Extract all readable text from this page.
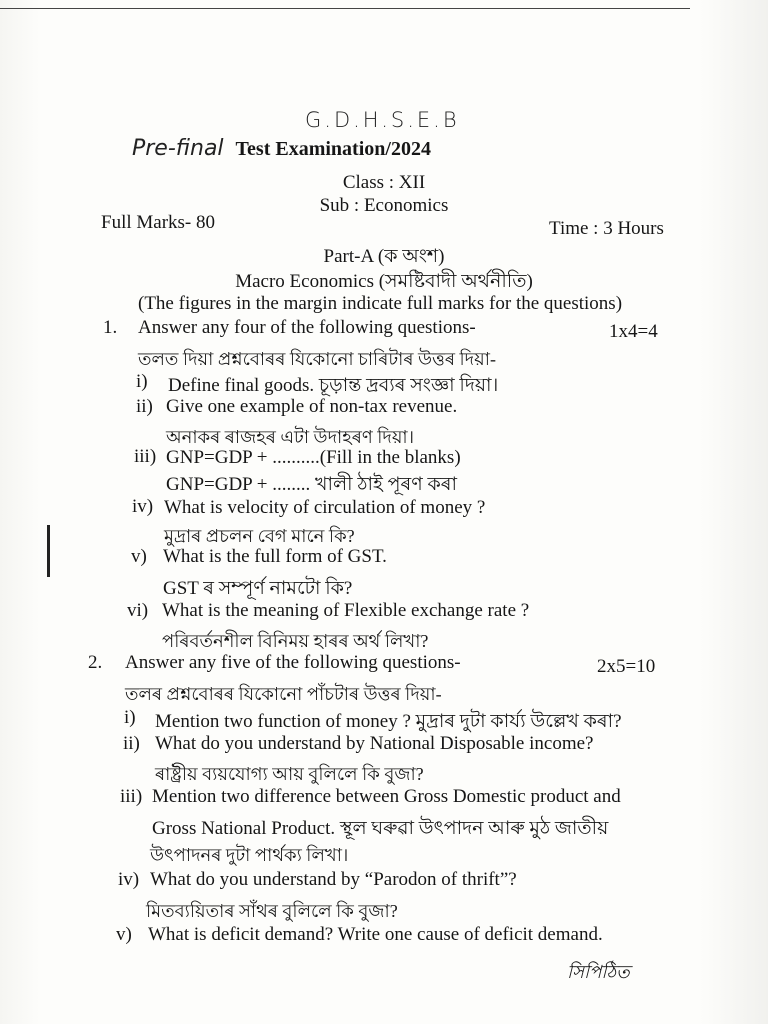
G.D.H.S.E.B
Pre-final Test Examination/2024
Class : XII
Sub : Economics
Full Marks- 80	Time : 3 Hours
Part-A (ক অংশ)
Macro Economics (সমষ্টিবাদী অৰ্থনীতি)
(The figures in the margin indicate full marks for the questions)
1. Answer any four of the following questions-	1x4=4
তলত দিয়া প্ৰশ্নবোৰৰ যিকোনো চাৰিটাৰ উত্তৰ দিয়া-
i) Define final goods. চূড়ান্ত দ্ৰব্যৰ সংজ্ঞা দিয়া।
ii) Give one example of non-tax revenue.
অনাকৰ ৰাজহৰ এটা উদাহৰণ দিয়া।
iii) GNP=GDP + ..........(Fill in the blanks)
GNP=GDP + ........ খালী ঠাই পূৰণ কৰা
iv) What is velocity of circulation of money ?
মুদ্ৰাৰ প্ৰচলন বেগ মানে কি?
v) What is the full form of GST.
GST ৰ সম্পূৰ্ণ নামটো কি?
vi) What is the meaning of Flexible exchange rate ?
পৰিবৰ্তনশীল বিনিময় হাৰৰ অৰ্থ লিখা?
2. Answer any five of the following questions-	2x5=10
তলৰ প্ৰশ্নবোৰৰ যিকোনো পাঁচটাৰ উত্তৰ দিয়া-
i) Mention two function of money ? মুদ্ৰাৰ দুটা কাৰ্য্য উল্লেখ কৰা?
ii) What do you understand by National Disposable income?
ৰাষ্ট্ৰীয় ব্যয়যোগ্য আয় বুলিলে কি বুজা?
iii) Mention two difference between Gross Domestic product and
Gross National Product. স্থূল ঘৰুৱা উৎপাদন আৰু মুঠ জাতীয়
উৎপাদনৰ দুটা পাৰ্থক্য লিখা।
iv) What do you understand by “Parodon of thrift”?
মিতব্যয়িতাৰ সাঁথৰ বুলিলে কি বুজা?
v) What is deficit demand? Write one cause of deficit demand.
সিপিঠিত
